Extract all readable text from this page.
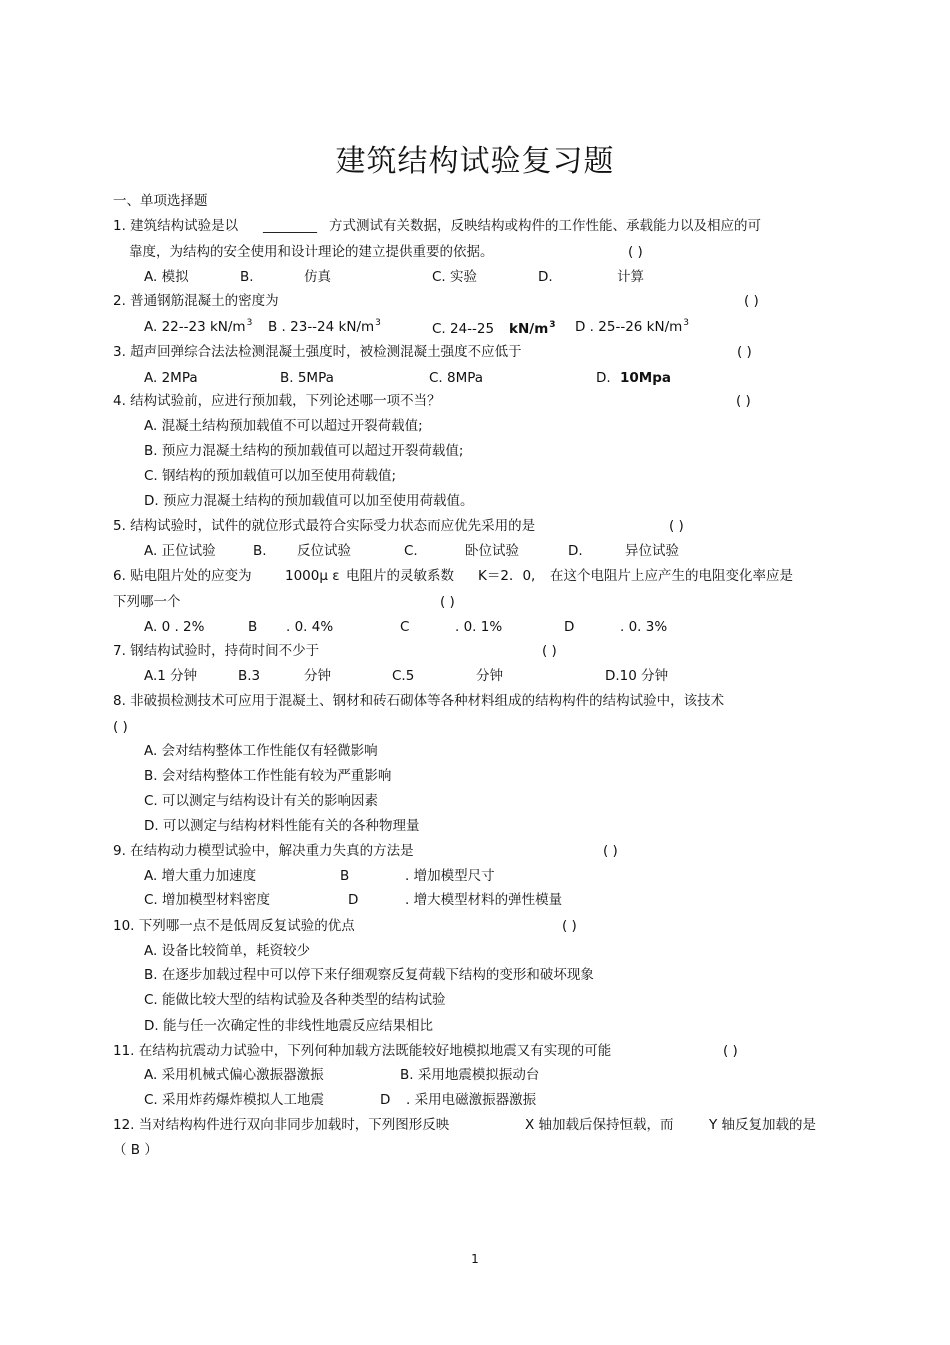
建筑结构试验复习题
一、单项选择题
1. 建筑结构试验是以 ________ 方式测试有关数据，反映结构或构件的工作性能、承载能力以及相应的可
靠度，为结构的安全使用和设计理论的建立提供重要的依据。	( )
A. 模拟	B.	仿真	C. 实验	D.	计算
2. 普通钢筋混凝土的密度为	( )
A. 22--23 $kN/m^3$ B . 23--24 $kN/m^3$	C. 24--25 $kN/m^3$ D . 25--26 $kN/m^3$
3. 超声回弹综合法法检测混凝土强度时，被检测混凝土强度不应低于	( )
A. 2MPa	B. 5MPa	C. 8MPa	D. 10Mpa
4. 结构试验前，应进行预加载，下列论述哪一项不当？	( )
A. 混凝土结构预加载值不可以超过开裂荷载值;
B. 预应力混凝土结构的预加载值可以超过开裂荷载值;
C. 钢结构的预加载值可以加至使用荷载值;
D. 预应力混凝土结构的预加载值可以加至使用荷载值。
5. 结构试验时，试件的就位形式最符合实际受力状态而应优先采用的是	( )
A. 正位试验	B. 反位试验	C.	卧位试验	D.	异位试验
6. 贴电阻片处的应变为 1000μ ε 电阻片的灵敏系数 K＝2．0, 在这个电阻片上应产生的电阻变化率应是
下列哪一个	( )
A. 0 . 2%	B . 0. 4%	C	. 0. 1%	D	. 0. 3%
7. 钢结构试验时，持荷时间不少于	( )
A.1 分钟	B.3	分钟	C.5	分钟	D.10 分钟
8. 非破损检测技术可应用于混凝土、钢材和砖石砌体等各种材料组成的结构构件的结构试验中，该技术
( )
A. 会对结构整体工作性能仅有轻微影响
B. 会对结构整体工作性能有较为严重影响
C. 可以测定与结构设计有关的影响因素
D. 可以测定与结构材料性能有关的各种物理量
9. 在结构动力模型试验中，解决重力失真的方法是	( )
A. 增大重力加速度	B	. 增加模型尺寸
C. 增加模型材料密度	D	. 增大模型材料的弹性模量
10. 下列哪一点不是低周反复试验的优点	( )
A. 设备比较简单，耗资较少
B. 在逐步加载过程中可以停下来仔细观察反复荷载下结构的变形和破坏现象
C. 能做比较大型的结构试验及各种类型的结构试验
D. 能与任一次确定性的非线性地震反应结果相比
11. 在结构抗震动力试验中，下列何种加载方法既能较好地模拟地震又有实现的可能	( )
A. 采用机械式偏心激振器激振	B. 采用地震模拟振动台
C. 采用炸药爆炸模拟人工地震	D . 采用电磁激振器激振
12. 当对结构构件进行双向非同步加载时，下列图形反映	X 轴加载后保持恒载，而	Y 轴反复加载的是
（ B ）
1
